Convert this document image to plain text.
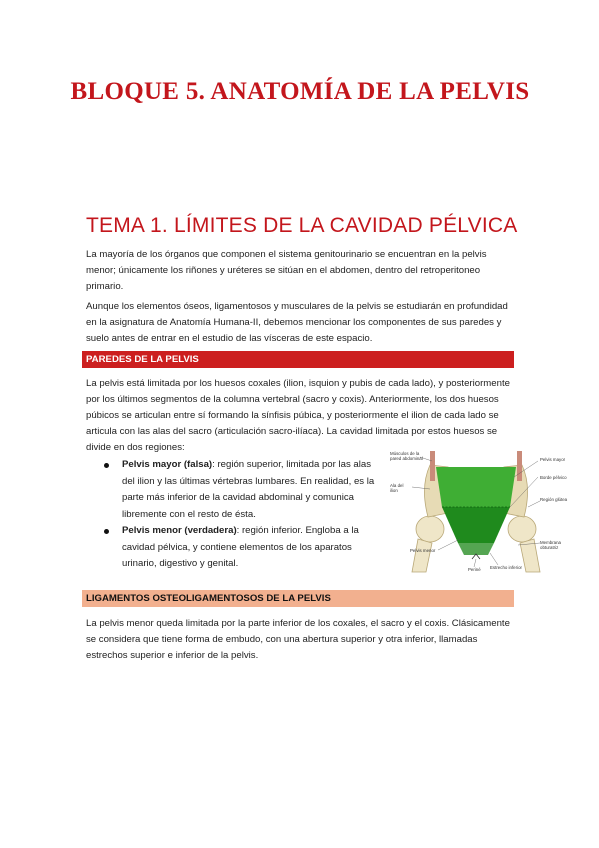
BLOQUE 5. ANATOMÍA DE LA PELVIS
TEMA 1. LÍMITES DE LA CAVIDAD PÉLVICA

La mayoría de los órganos que componen el sistema genitourinario se encuentran en la pelvis menor; únicamente los riñones y uréteres se sitúan en el abdomen, dentro del retroperitoneo primario.

Aunque los elementos óseos, ligamentosos y musculares de la pelvis se estudiarán en profundidad en la asignatura de Anatomía Humana-II, debemos mencionar los componentes de sus paredes y suelo antes de entrar en el estudio de las vísceras de este espacio.

PAREDES DE LA PELVIS

La pelvis está limitada por los huesos coxales (ilion, isquion y pubis de cada lado), y posteriormente por los últimos segmentos de la columna vertebral (sacro y coxis). Anteriormente, los dos huesos púbicos se articulan entre sí formando la sínfisis púbica, y posteriormente el ilion de cada lado se articula con las alas del sacro (articulación sacro-ilíaca). La cavidad limitada por estos huesos se divide en dos regiones:

Pelvis mayor (falsa): región superior, limitada por las alas del ilion y las últimas vértebras lumbares. En realidad, es la parte más inferior de la cavidad abdominal y comunica libremente con el resto de ésta.
Pelvis menor (verdadera): región inferior. Engloba a la cavidad pélvica, y contiene elementos de los aparatos urinario, digestivo y genital.
Músculos de la pared abdominal
Ala del ilion
Pelvis menor
Periné Estrecho inferior
Pelvis mayor
Borde pélvico
Región glútea
Membrana obturatriz
LIGAMENTOS OSTEOLIGAMENTOSOS DE LA PELVIS

La pelvis menor queda limitada por la parte inferior de los coxales, el sacro y el coxis. Clásicamente se considera que tiene forma de embudo, con una abertura superior y otra inferior, llamadas estrechos superior e inferior de la pelvis.
